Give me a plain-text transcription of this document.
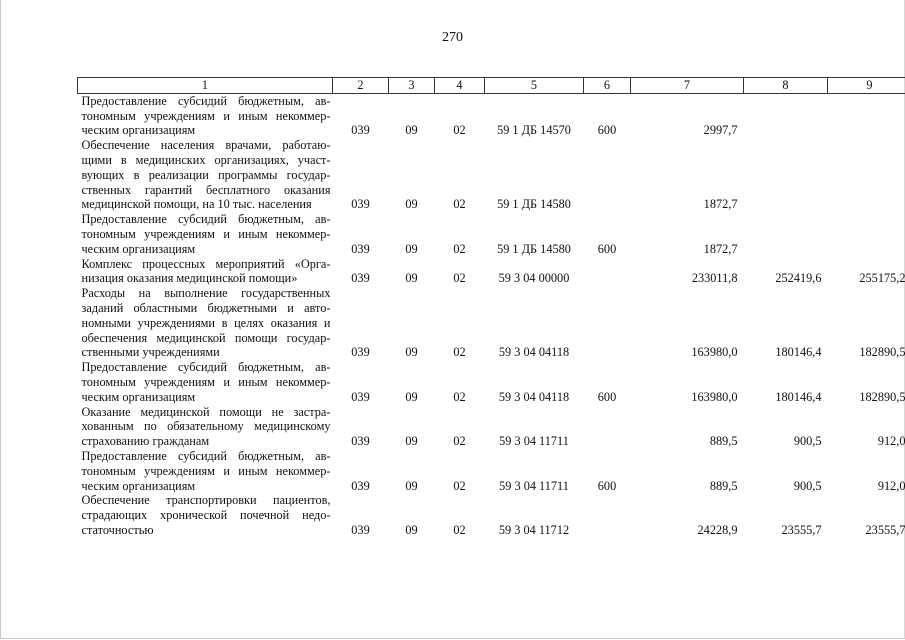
270
1	2	3	4	5	6	7	8	9

Предоставление субсидий бюджетным, ав-
тономным учреждениям и иным некоммер-
ческим организациям	039	09	02	59 1 ДБ 14570	600	2997,7		

Обеспечение населения врачами, работаю-
щими в медицинских организациях, участ-
вующих в реализации программы государ-
ственных гарантий бесплатного оказания
медицинской помощи, на 10 тыс. населения	039	09	02	59 1 ДБ 14580		1872,7		

Предоставление субсидий бюджетным, ав-
тономным учреждениям и иным некоммер-
ческим организациям	039	09	02	59 1 ДБ 14580	600	1872,7		

Комплекс процессных мероприятий «Орга-
низация оказания медицинской помощи»	039	09	02	59 3 04 00000		233011,8	252419,6	255175,2

Расходы на выполнение государственных
заданий областными бюджетными и авто-
номными учреждениями в целях оказания и
обеспечения медицинской помощи государ-
ственными учреждениями	039	09	02	59 3 04 04118		163980,0	180146,4	182890,5

Предоставление субсидий бюджетным, ав-
тономным учреждениям и иным некоммер-
ческим организациям	039	09	02	59 3 04 04118	600	163980,0	180146,4	182890,5

Оказание медицинской помощи не застра-
хованным по обязательному медицинскому
страхованию гражданам	039	09	02	59 3 04 11711		889,5	900,5	912,0

Предоставление субсидий бюджетным, ав-
тономным учреждениям и иным некоммер-
ческим организациям	039	09	02	59 3 04 11711	600	889,5	900,5	912,0

Обеспечение транспортировки пациентов,
страдающих хронической почечной недо-
статочностью	039	09	02	59 3 04 11712		24228,9	23555,7	23555,7
